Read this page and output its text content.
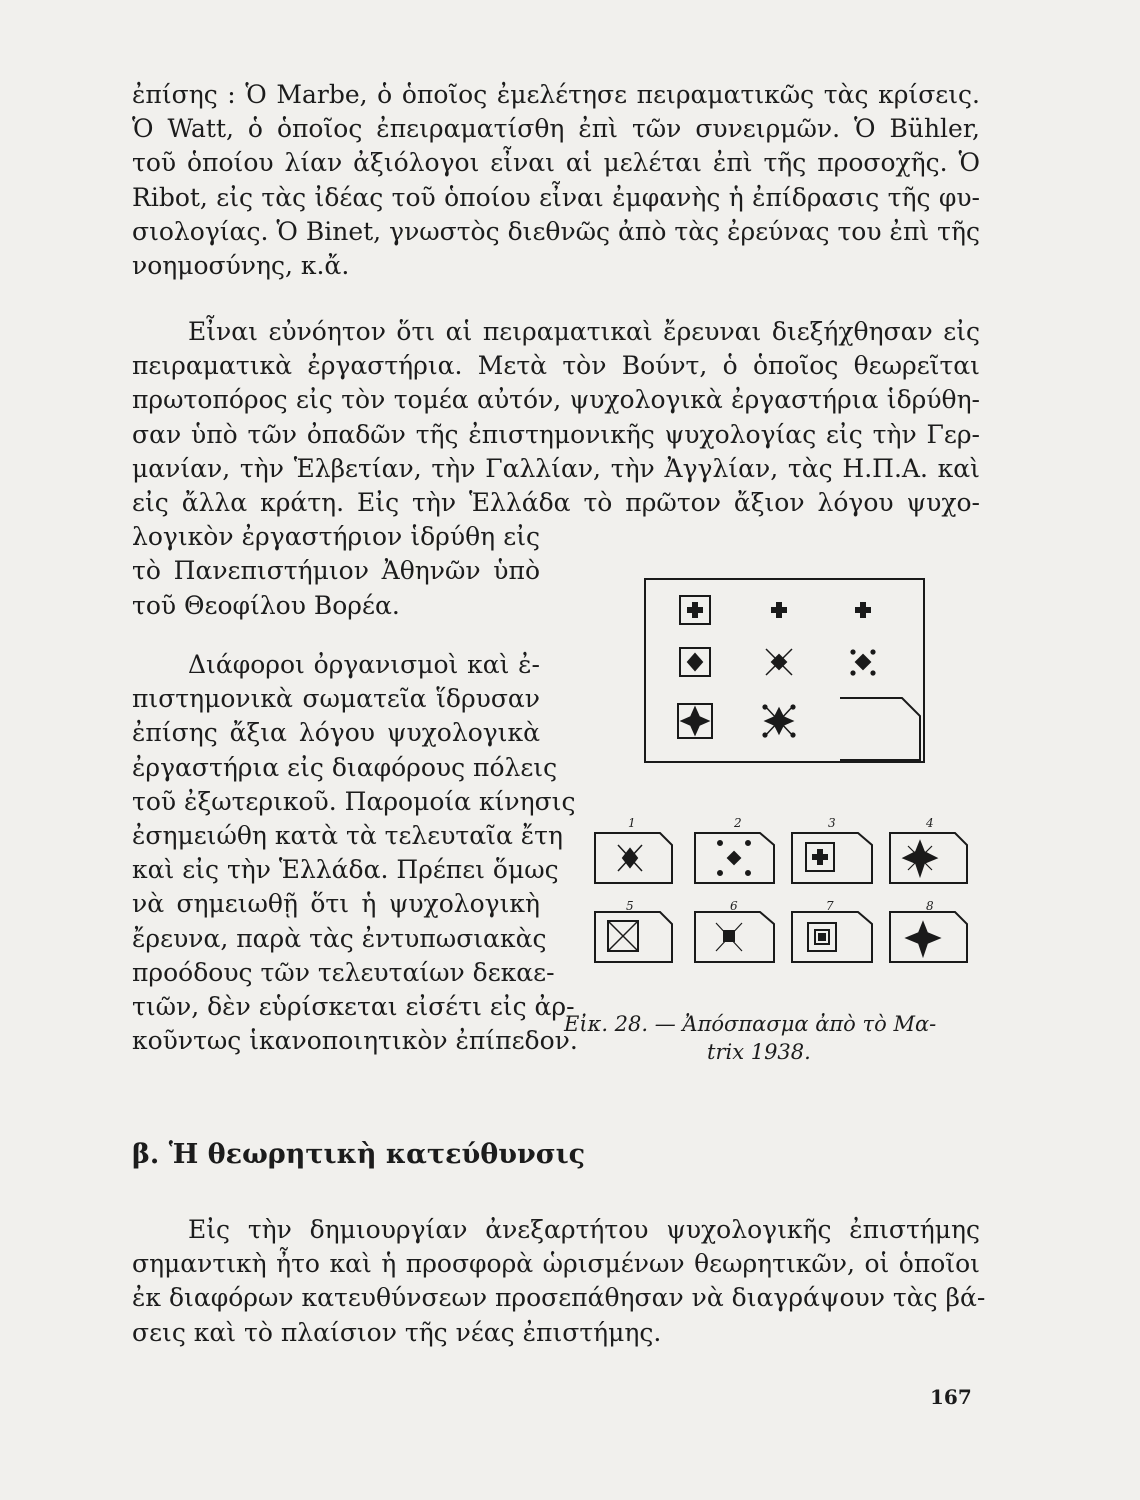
ἐπίσης : Ὁ Marbe, ὁ ὁποῖος ἐμελέτησε πειραματικῶς τὰς κρίσεις.
Ὁ Watt, ὁ ὁποῖος ἐπειραματίσθη ἐπὶ τῶν συνειρμῶν. Ὁ Bühler,
τοῦ ὁποίου λίαν ἀξιόλογοι εἶναι αἱ μελέται ἐπὶ τῆς προσοχῆς. Ὁ
Ribot, εἰς τὰς ἰδέας τοῦ ὁποίου εἶναι ἐμφανὴς ἡ ἐπίδρασις τῆς φυ-
σιολογίας. Ὁ Binet, γνωστὸς διεθνῶς ἀπὸ τὰς ἐρεύνας του ἐπὶ τῆς
νοημοσύνης, κ.ἄ.

Εἶναι εὐνόητον ὅτι αἱ πειραματικαὶ ἔρευναι διεξήχθησαν εἰς
πειραματικὰ ἐργαστήρια. Μετὰ τὸν Βούντ, ὁ ὁποῖος θεωρεῖται
πρωτοπόρος εἰς τὸν τομέα αὐτόν, ψυχολογικὰ ἐργαστήρια ἱδρύθη-
σαν ὑπὸ τῶν ὀπαδῶν τῆς ἐπιστημονικῆς ψυχολογίας εἰς τὴν Γερ-
μανίαν, τὴν Ἑλβετίαν, τὴν Γαλλίαν, τὴν Ἀγγλίαν, τὰς Η.Π.Α. καὶ
εἰς ἄλλα κράτη. Εἰς τὴν Ἑλλάδα τὸ πρῶτον ἄξιον λόγου ψυχο-
λογικὸν ἐργαστήριον ἱδρύθη εἰς
τὸ Πανεπιστήμιον Ἀθηνῶν ὑπὸ
τοῦ Θεοφίλου Βορέα.

Διάφοροι ὀργανισμοὶ καὶ ἐ-
πιστημονικὰ σωματεῖα ἵδρυσαν
ἐπίσης ἄξια λόγου ψυχολογικὰ
ἐργαστήρια εἰς διαφόρους πόλεις
τοῦ ἐξωτερικοῦ. Παρομοία κίνησις
ἐσημειώθη κατὰ τὰ τελευταῖα ἔτη
καὶ εἰς τὴν Ἑλλάδα. Πρέπει ὅμως
νὰ σημειωθῇ ὅτι ἡ ψυχολογικὴ
ἔρευνα, παρὰ τὰς ἐντυπωσιακὰς
προόδους τῶν τελευταίων δεκαε-
τιῶν, δὲν εὑρίσκεται εἰσέτι εἰς ἀρ-
κοῦντως ἱκανοποιητικὸν ἐπίπεδον.

1	2	3	4
5	6	7	8

Εἰκ. 28. — Ἀπόσπασμα ἀπὸ τὸ Μα-
trix 1938.

β. Ἡ θεωρητικὴ κατεύθυνσις

Εἰς τὴν δημιουργίαν ἀνεξαρτήτου ψυχολογικῆς ἐπιστήμης
σημαντικὴ ἦτο καὶ ἡ προσφορὰ ὡρισμένων θεωρητικῶν, οἱ ὁποῖοι
ἐκ διαφόρων κατευθύνσεων προσεπάθησαν νὰ διαγράψουν τὰς βά-
σεις καὶ τὸ πλαίσιον τῆς νέας ἐπιστήμης.

167
